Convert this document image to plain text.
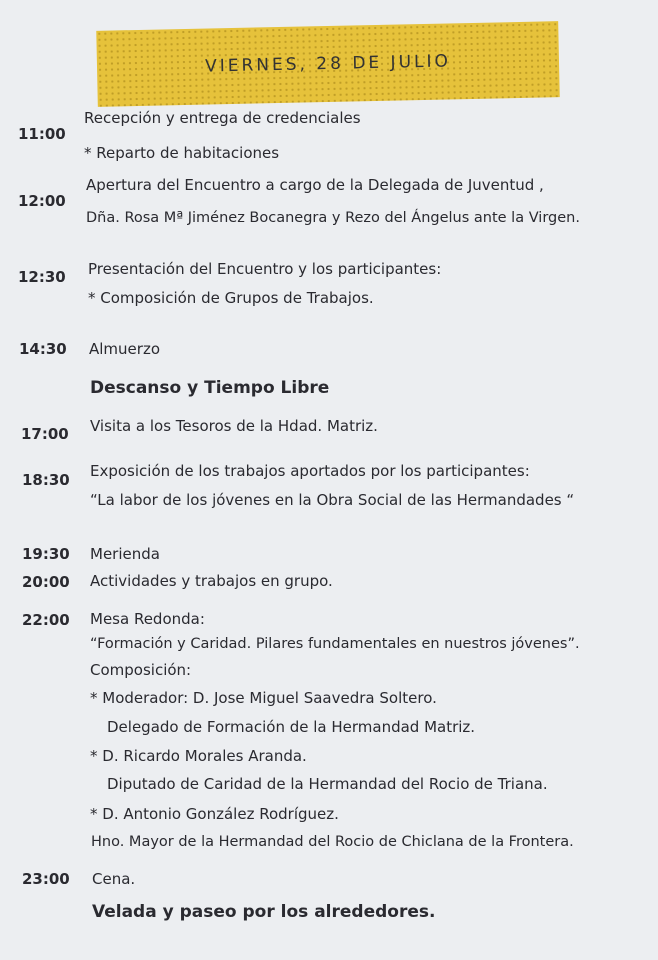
VIERNES, 28 DE JULIO
11:00
Recepción y entrega de credenciales
* Reparto de habitaciones
12:00
Apertura del Encuentro a cargo de la Delegada de Juventud ,
Dña. Rosa Mª Jiménez Bocanegra y Rezo del Ángelus ante la Virgen.
12:30 Presentación del Encuentro y los participantes:
* Composición de Grupos de Trabajos.
14:30 Almuerzo
Descanso y Tiempo Libre
17:00 Visita a los Tesoros de la Hdad. Matriz.
18:30 Exposición de los trabajos aportados por los participantes:
“La labor de los jóvenes en la Obra Social de las Hermandades “
19:30 Merienda
20:00 Actividades y trabajos en grupo.
22:00 Mesa Redonda:
“Formación y Caridad. Pilares fundamentales en nuestros jóvenes”.
Composición:
* Moderador: D. Jose Miguel Saavedra Soltero.
Delegado de Formación de la Hermandad Matriz.
* D. Ricardo Morales Aranda.
Diputado de Caridad de la Hermandad del Rocio de Triana.
* D. Antonio González Rodríguez.
Hno. Mayor de la Hermandad del Rocio de Chiclana de la Frontera.
23:00 Cena.
Velada y paseo por los alrededores.
